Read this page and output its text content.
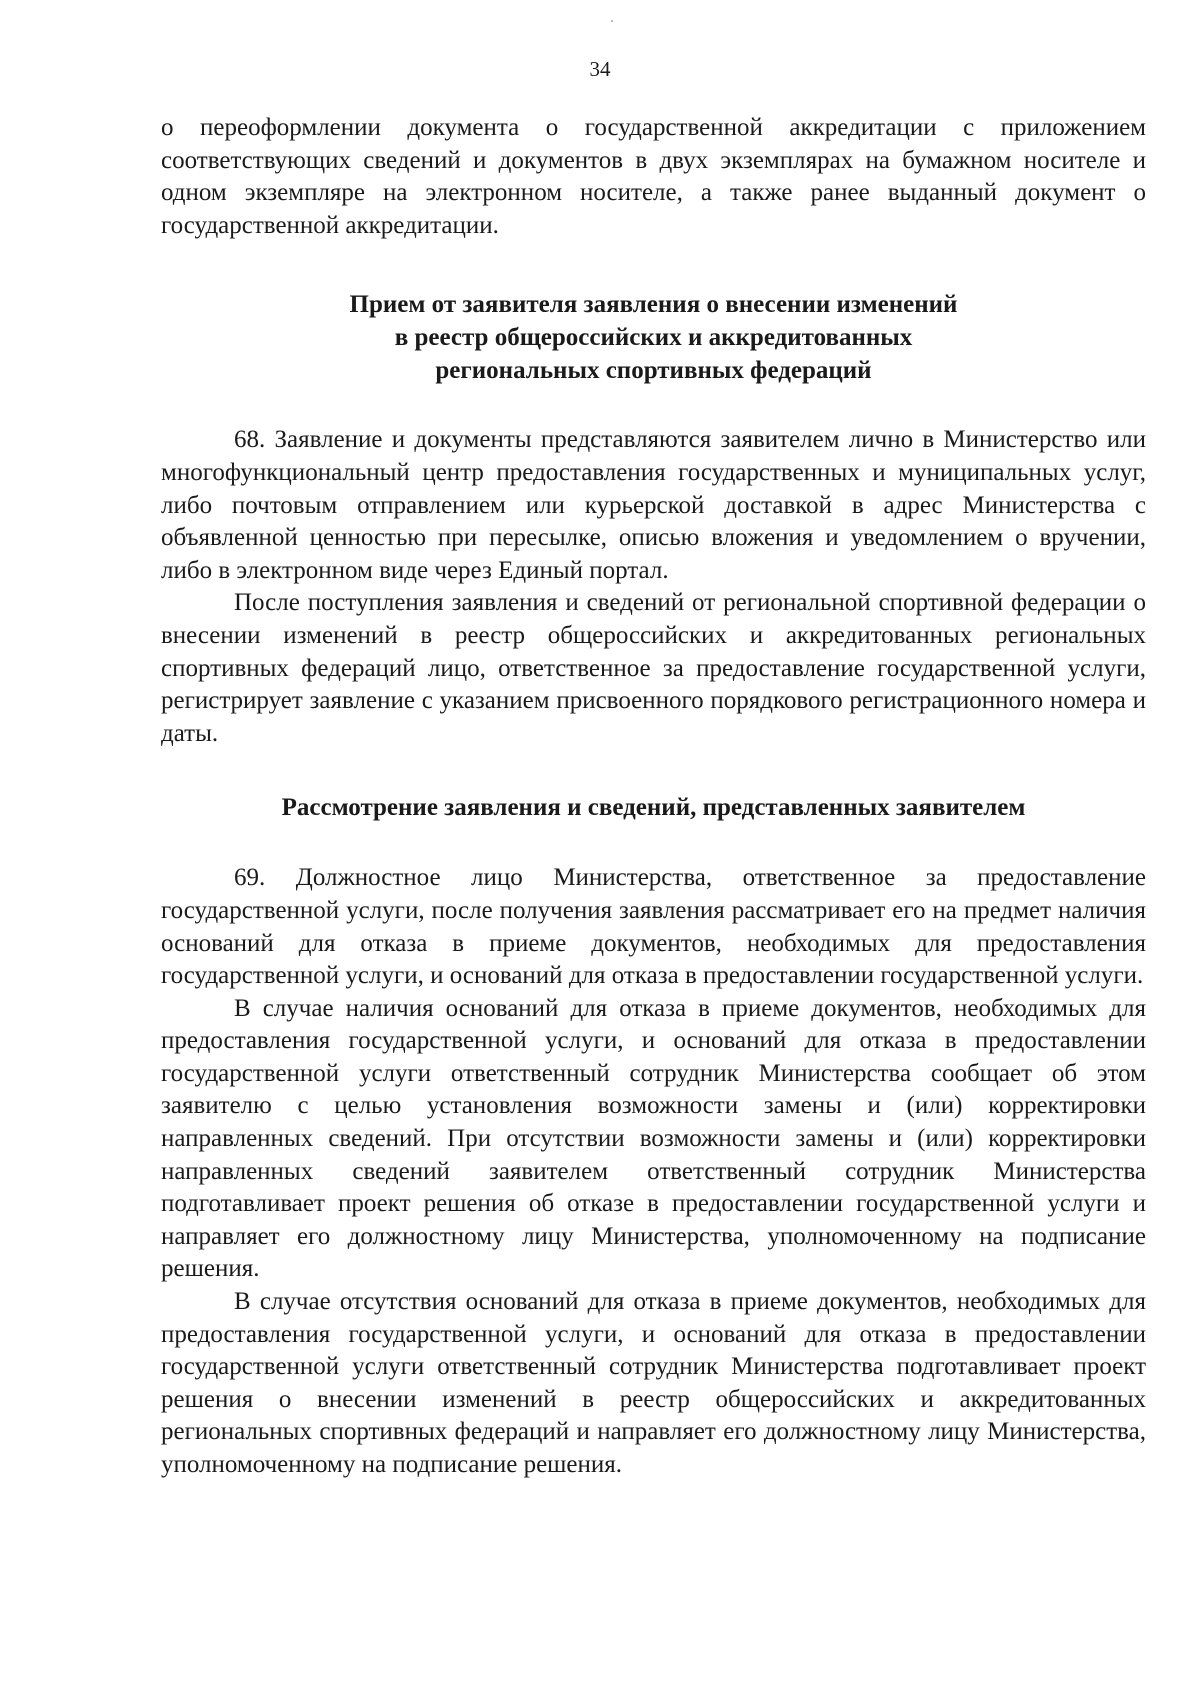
34

о переоформлении документа о государственной аккредитации с приложением соответствующих сведений и документов в двух экземплярах на бумажном носителе и одном экземпляре на электронном носителе, а также ранее выданный документ о государственной аккредитации.

Прием от заявителя заявления о внесении изменений
в реестр общероссийских и аккредитованных
региональных спортивных федераций

68. Заявление и документы представляются заявителем лично в Министерство или многофункциональный центр предоставления государственных и муниципальных услуг, либо почтовым отправлением или курьерской доставкой в адрес Министерства с объявленной ценностью при пересылке, описью вложения и уведомлением о вручении, либо в электронном виде через Единый портал.

После поступления заявления и сведений от региональной спортивной федерации о внесении изменений в реестр общероссийских и аккредитованных региональных спортивных федераций лицо, ответственное за предоставление государственной услуги, регистрирует заявление с указанием присвоенного порядкового регистрационного номера и даты.

Рассмотрение заявления и сведений, представленных заявителем

69. Должностное лицо Министерства, ответственное за предоставление государственной услуги, после получения заявления рассматривает его на предмет наличия оснований для отказа в приеме документов, необходимых для предоставления государственной услуги, и оснований для отказа в предоставлении государственной услуги.

В случае наличия оснований для отказа в приеме документов, необходимых для предоставления государственной услуги, и оснований для отказа в предоставлении государственной услуги ответственный сотрудник Министерства сообщает об этом заявителю с целью установления возможности замены и (или) корректировки направленных сведений. При отсутствии возможности замены и (или) корректировки направленных сведений заявителем ответственный сотрудник Министерства подготавливает проект решения об отказе в предоставлении государственной услуги и направляет его должностному лицу Министерства, уполномоченному на подписание решения.

В случае отсутствия оснований для отказа в приеме документов, необходимых для предоставления государственной услуги, и оснований для отказа в предоставлении государственной услуги ответственный сотрудник Министерства подготавливает проект решения о внесении изменений в реестр общероссийских и аккредитованных региональных спортивных федераций и направляет его должностному лицу Министерства, уполномоченному на подписание решения.
